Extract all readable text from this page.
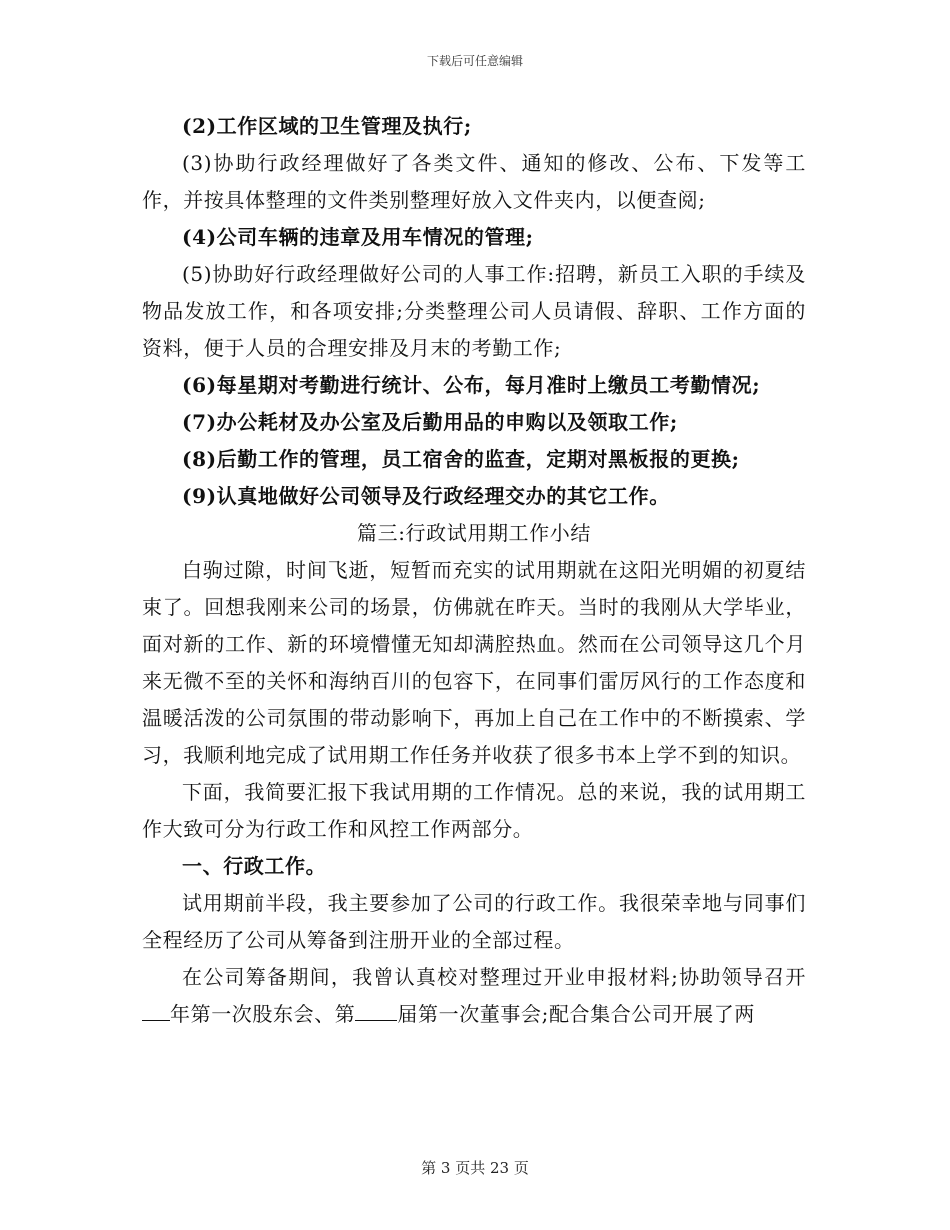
下载后可任意编辑

(2)工作区域的卫生管理及执行;

(3)协助行政经理做好了各类文件、通知的修改、公布、下发等工作，并按具体整理的文件类别整理好放入文件夹内，以便查阅;

(4)公司车辆的违章及用车情况的管理;

(5)协助好行政经理做好公司的人事工作:招聘，新员工入职的手续及物品发放工作，和各项安排;分类整理公司人员请假、辞职、工作方面的资料，便于人员的合理安排及月末的考勤工作;

(6)每星期对考勤进行统计、公布，每月准时上缴员工考勤情况;

(7)办公耗材及办公室及后勤用品的申购以及领取工作;

(8)后勤工作的管理，员工宿舍的监查，定期对黑板报的更换;

(9)认真地做好公司领导及行政经理交办的其它工作。

篇三:行政试用期工作小结

白驹过隙，时间飞逝，短暂而充实的试用期就在这阳光明媚的初夏结束了。回想我刚来公司的场景，仿佛就在昨天。当时的我刚从大学毕业，面对新的工作、新的环境懵懂无知却满腔热血。然而在公司领导这几个月来无微不至的关怀和海纳百川的包容下，在同事们雷厉风行的工作态度和温暖活泼的公司氛围的带动影响下，再加上自己在工作中的不断摸索、学习，我顺利地完成了试用期工作任务并收获了很多书本上学不到的知识。

下面，我简要汇报下我试用期的工作情况。总的来说，我的试用期工作大致可分为行政工作和风控工作两部分。

一、行政工作。

试用期前半段，我主要参加了公司的行政工作。我很荣幸地与同事们全程经历了公司从筹备到注册开业的全部过程。

在公司筹备期间，我曾认真校对整理过开业申报材料;协助领导召开年第一次股东会、第 届第一次董事会;配合集合公司开展了两

第 3 页共 23 页
